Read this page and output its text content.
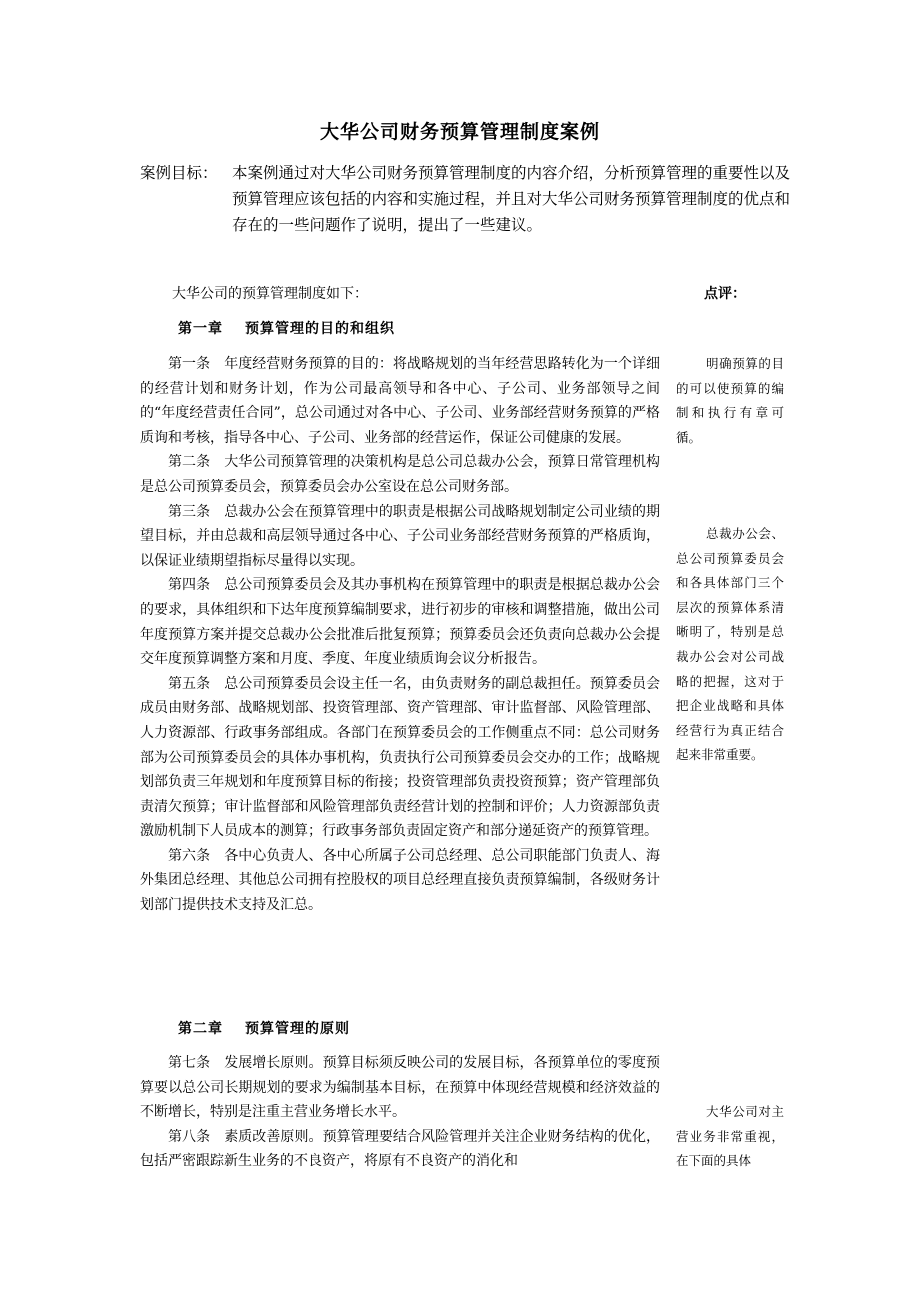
大华公司财务预算管理制度案例
案例目标： 本案例通过对大华公司财务预算管理制度的内容介绍，分析预算管理的重要性以及预算管理应该包括的内容和实施过程，并且对大华公司财务预算管理制度的优点和存在的一些问题作了说明，提出了一些建议。
大华公司的预算管理制度如下：	点评：
第一章 预算管理的目的和组织

第一条 年度经营财务预算的目的：将战略规划的当年经营思路转化为一个详细的经营计划和财务计划，作为公司最高领导和各中心、子公司、业务部领导之间的“年度经营责任合同”，总公司通过对各中心、子公司、业务部经营财务预算的严格质询和考核，指导各中心、子公司、业务部的经营运作，保证公司健康的发展。

第二条 大华公司预算管理的决策机构是总公司总裁办公会，预算日常管理机构是总公司预算委员会，预算委员会办公室设在总公司财务部。

第三条 总裁办公会在预算管理中的职责是根据公司战略规划制定公司业绩的期望目标，并由总裁和高层领导通过各中心、子公司业务部经营财务预算的严格质询，以保证业绩期望指标尽量得以实现。

第四条 总公司预算委员会及其办事机构在预算管理中的职责是根据总裁办公会的要求，具体组织和下达年度预算编制要求，进行初步的审核和调整措施，做出公司年度预算方案并提交总裁办公会批准后批复预算；预算委员会还负责向总裁办公会提交年度预算调整方案和月度、季度、年度业绩质询会议分析报告。

第五条 总公司预算委员会设主任一名，由负责财务的副总裁担任。预算委员会成员由财务部、战略规划部、投资管理部、资产管理部、审计监督部、风险管理部、人力资源部、行政事务部组成。各部门在预算委员会的工作侧重点不同：总公司财务部为公司预算委员会的具体办事机构，负责执行公司预算委员会交办的工作；战略规划部负责三年规划和年度预算目标的衔接；投资管理部负责投资预算；资产管理部负责清欠预算；审计监督部和风险管理部负责经营计划的控制和评价；人力资源部负责激励机制下人员成本的测算；行政事务部负责固定资产和部分递延资产的预算管理。

第六条 各中心负责人、各中心所属子公司总经理、总公司职能部门负责人、海外集团总经理、其他总公司拥有控股权的项目总经理直接负责预算编制，各级财务计划部门提供技术支持及汇总。

第二章 预算管理的原则

第七条 发展增长原则。预算目标须反映公司的发展目标，各预算单位的零度预算要以总公司长期规划的要求为编制基本目标，在预算中体现经营规模和经济效益的不断增长，特别是注重主营业务增长水平。

第八条 素质改善原则。预算管理要结合风险管理并关注企业财务结构的优化，包括严密跟踪新生业务的不良资产，将原有不良资产的消化和

明确预算的目的可以使预算的编制和执行有章可循。

总裁办公会、总公司预算委员会和各具体部门三个层次的预算体系清晰明了，特别是总裁办公会对公司战略的把握，这对于把企业战略和具体经营行为真正结合起来非常重要。

大华公司对主营业务非常重视，在下面的具体
